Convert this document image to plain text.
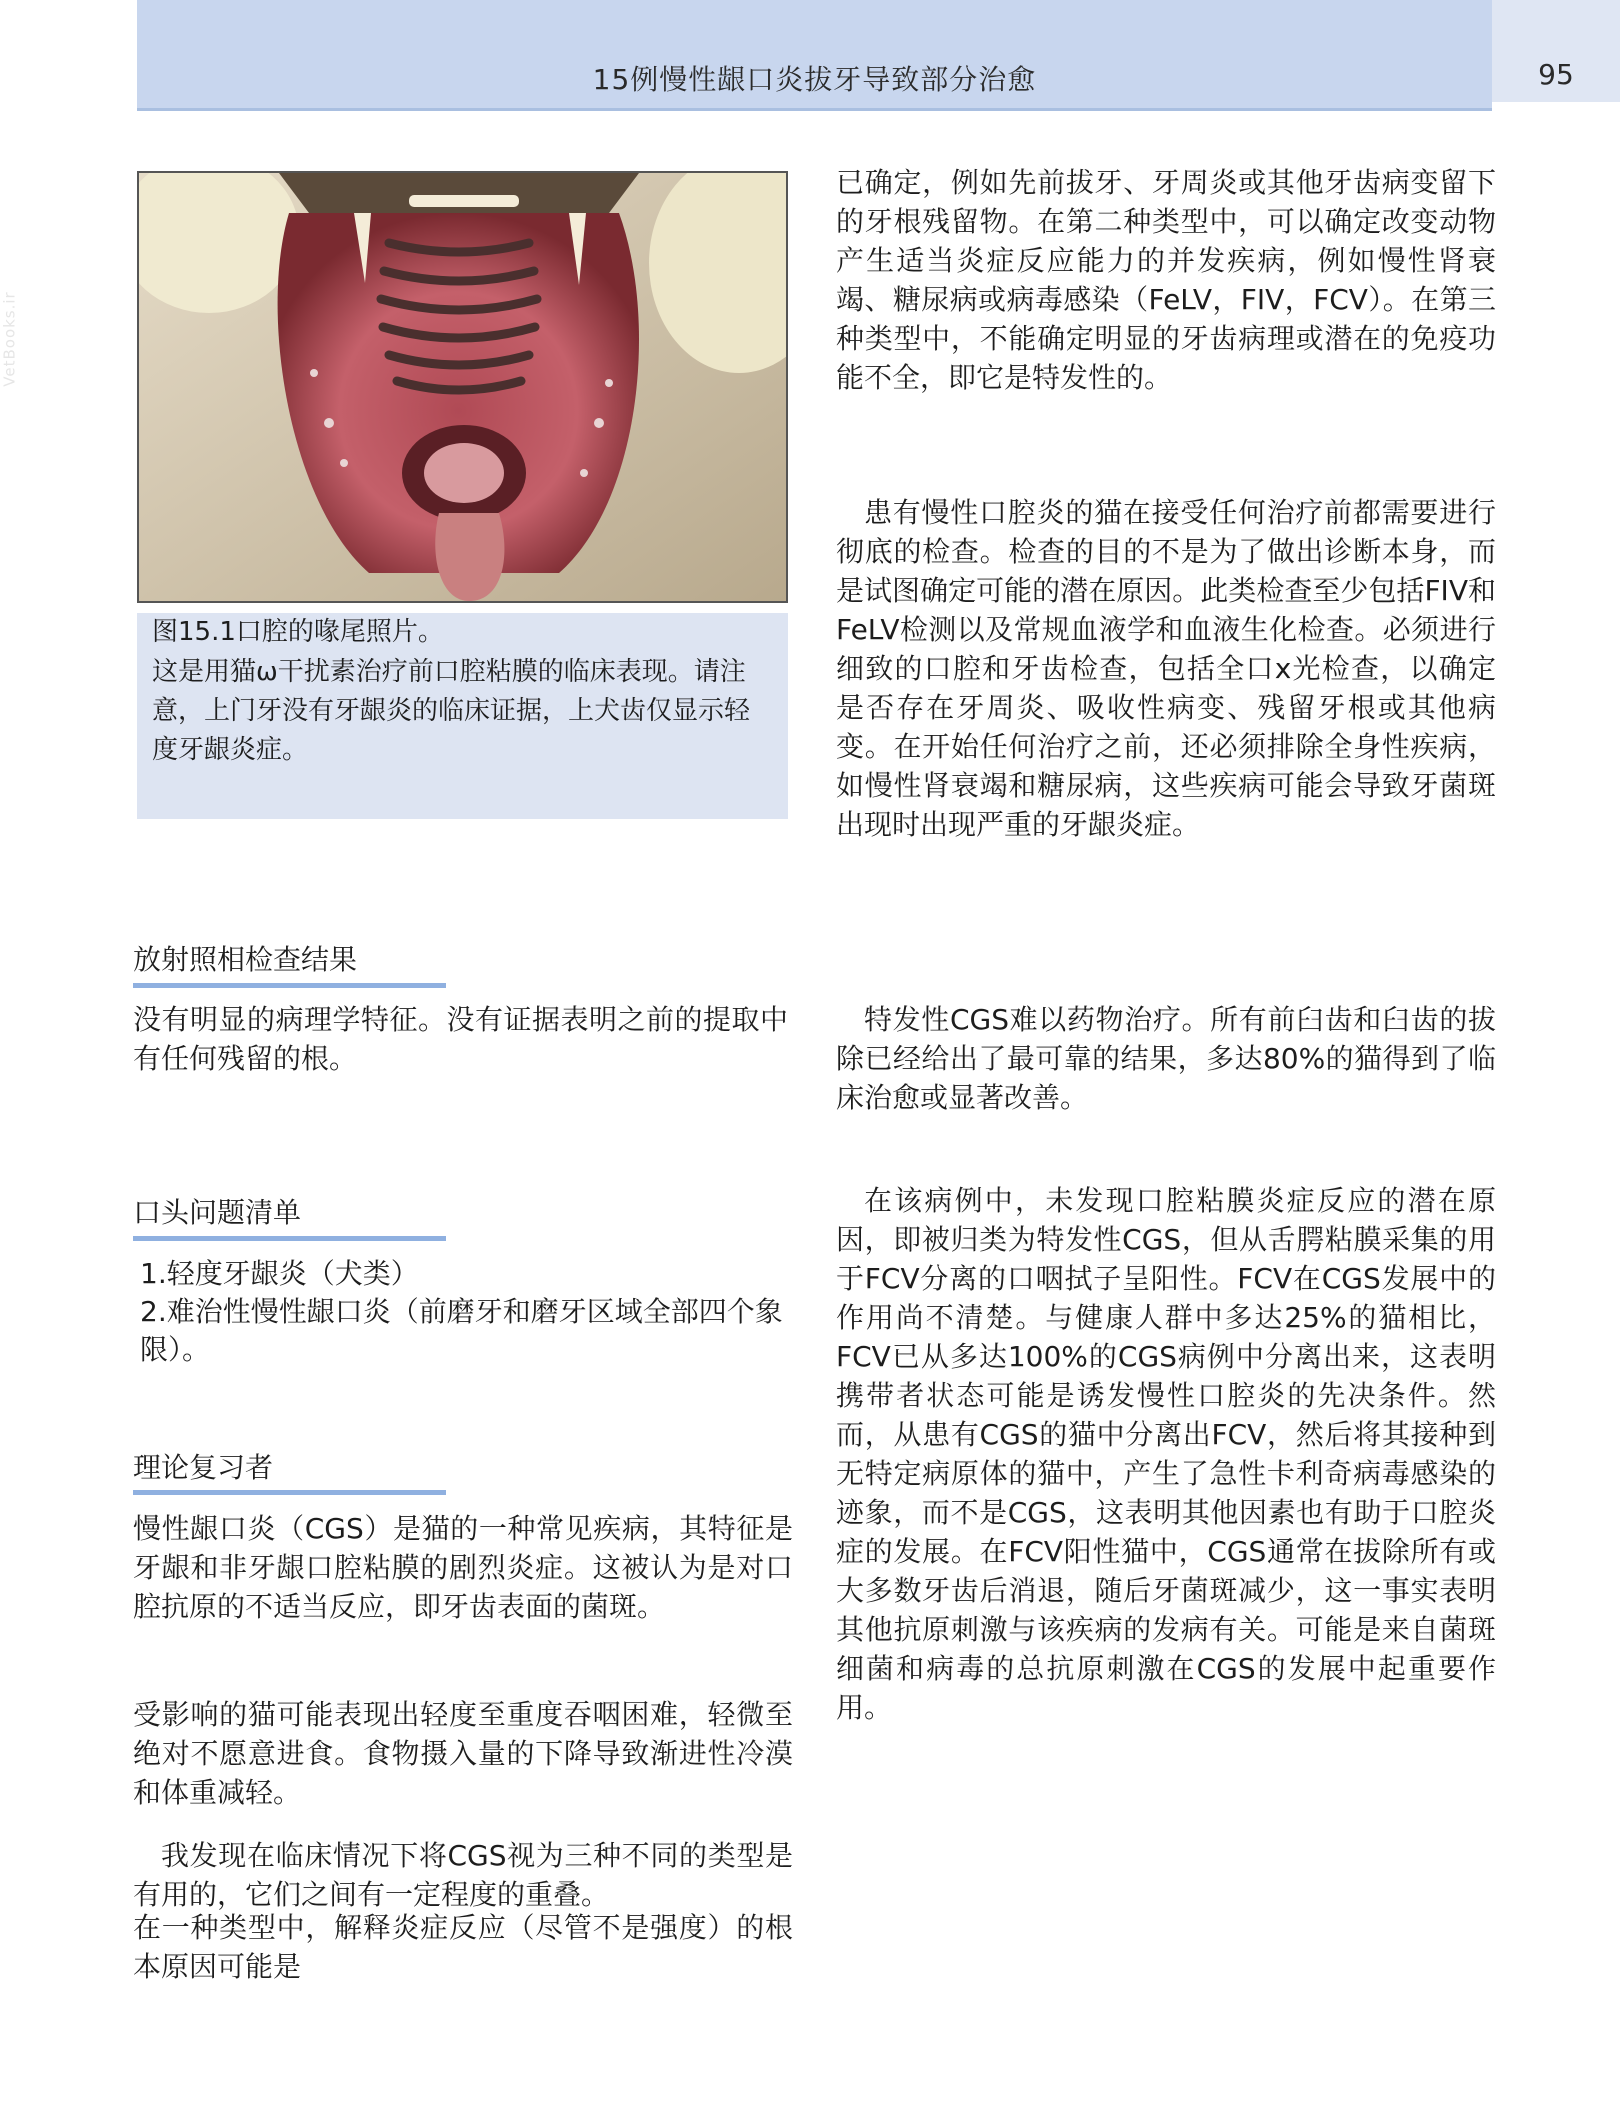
15例慢性龈口炎拔牙导致部分治愈	95
VetBooks.ir
图15.1口腔的喙尾照片。
这是用猫ω干扰素治疗前口腔粘膜的临床表现。请注意，上门牙没有牙龈炎的临床证据，上犬齿仅显示轻度牙龈炎症。
放射照相检查结果
没有明显的病理学特征。没有证据表明之前的提取中有任何残留的根。
口头问题清单
1.轻度牙龈炎（犬类）
2.难治性慢性龈口炎（前磨牙和磨牙区域全部四个象限）。
理论复习者
慢性龈口炎（CGS）是猫的一种常见疾病，其特征是牙龈和非牙龈口腔粘膜的剧烈炎症。这被认为是对口腔抗原的不适当反应，即牙齿表面的菌斑。
受影响的猫可能表现出轻度至重度吞咽困难，轻微至绝对不愿意进食。食物摄入量的下降导致渐进性冷漠和体重减轻。
我发现在临床情况下将CGS视为三种不同的类型是有用的，它们之间有一定程度的重叠。
在一种类型中，解释炎症反应（尽管不是强度）的根本原因可能是
已确定，例如先前拔牙、牙周炎或其他牙齿病变留下的牙根残留物。在第二种类型中，可以确定改变动物产生适当炎症反应能力的并发疾病，例如慢性肾衰竭、糖尿病或病毒感染（FeLV，FIV，FCV）。在第三种类型中，不能确定明显的牙齿病理或潜在的免疫功能不全，即它是特发性的。
患有慢性口腔炎的猫在接受任何治疗前都需要进行彻底的检查。检查的目的不是为了做出诊断本身，而是试图确定可能的潜在原因。此类检查至少包括FIV和FeLV检测以及常规血液学和血液生化检查。必须进行细致的口腔和牙齿检查，包括全口x光检查，以确定是否存在牙周炎、吸收性病变、残留牙根或其他病变。在开始任何治疗之前，还必须排除全身性疾病，如慢性肾衰竭和糖尿病，这些疾病可能会导致牙菌斑出现时出现严重的牙龈炎症。
特发性CGS难以药物治疗。所有前臼齿和臼齿的拔除已经给出了最可靠的结果，多达80%的猫得到了临床治愈或显著改善。
在该病例中，未发现口腔粘膜炎症反应的潜在原因，即被归类为特发性CGS，但从舌腭粘膜采集的用于FCV分离的口咽拭子呈阳性。FCV在CGS发展中的作用尚不清楚。与健康人群中多达25%的猫相比，FCV已从多达100%的CGS病例中分离出来，这表明携带者状态可能是诱发慢性口腔炎的先决条件。然而，从患有CGS的猫中分离出FCV，然后将其接种到无特定病原体的猫中，产生了急性卡利奇病毒感染的迹象，而不是CGS，这表明其他因素也有助于口腔炎症的发展。在FCV阳性猫中，CGS通常在拔除所有或大多数牙齿后消退，随后牙菌斑减少，这一事实表明其他抗原刺激与该疾病的发病有关。可能是来自菌斑细菌和病毒的总抗原刺激在CGS的发展中起重要作用。
